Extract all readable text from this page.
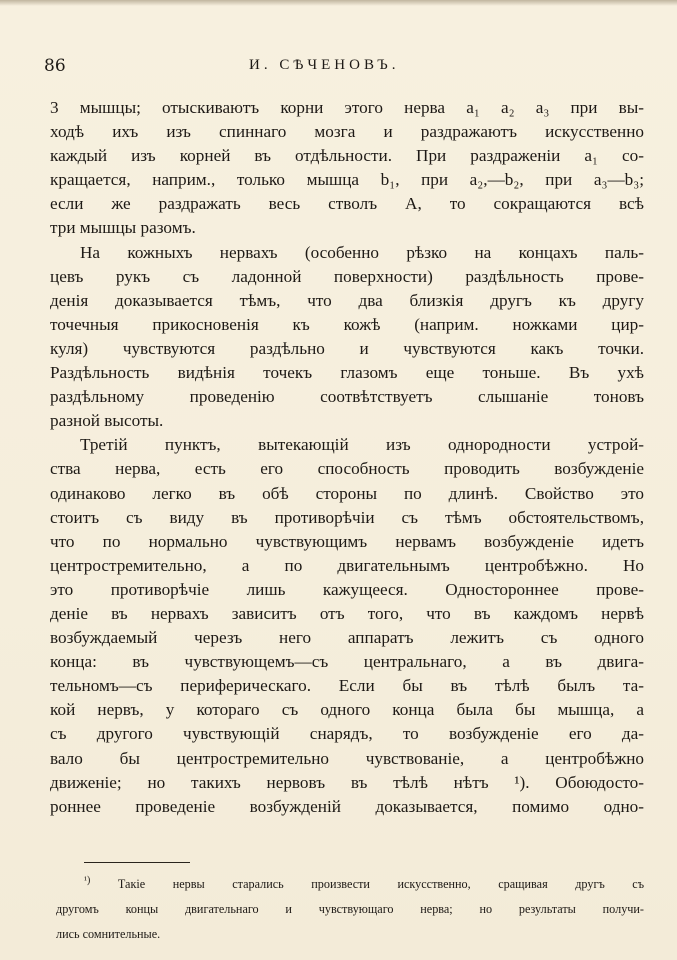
86	И. СѢЧЕНОВЪ.
3 мышцы; отыскиваютъ корни этого нерва a₁ a₂ a₃ при вы-
ходѣ ихъ изъ спиннаго мозга и раздражаютъ искусственно
каждый изъ корней въ отдѣльности. При раздраженіи a₁ со-
кращается, наприм., только мышца b₁, при a₂,—b₂, при a₃—b₃;
если же раздражать весь стволъ A, то сокращаются всѣ
три мышцы разомъ.
На кожныхъ нервахъ (особенно рѣзко на концахъ паль-
цевъ рукъ съ ладонной поверхности) раздѣльность прове-
денія доказывается тѣмъ, что два близкія другъ къ другу
точечныя прикосновенія къ кожѣ (наприм. ножками цир-
куля) чувствуются раздѣльно и чувствуются какъ точки.
Раздѣльность видѣнія точекъ глазомъ еще тоньше. Въ ухѣ
раздѣльному проведенію соотвѣтствуетъ слышаніе тоновъ
разной высоты.
Третій пунктъ, вытекающій изъ однородности устрой-
ства нерва, есть его способность проводить возбужденіе
одинаково легко въ обѣ стороны по длинѣ. Свойство это
стоитъ съ виду въ противорѣчіи съ тѣмъ обстоятельствомъ,
что по нормально чувствующимъ нервамъ возбужденіе идетъ
центростремительно, а по двигательнымъ центробѣжно. Но
это противорѣчіе лишь кажущееся. Одностороннее прове-
деніе въ нервахъ зависитъ отъ того, что въ каждомъ нервѣ
возбуждаемый черезъ него аппаратъ лежитъ съ одного
конца: въ чувствующемъ—съ центральнаго, а въ двига-
тельномъ—съ периферическаго. Если бы въ тѣлѣ былъ та-
кой нервъ, у котораго съ одного конца была бы мышца, а
съ другого чувствующій снарядъ, то возбужденіе его да-
вало бы центростремительно чувствованіе, а центробѣжно
движеніе; но такихъ нервовъ въ тѣлѣ нѣтъ ¹). Обоюдосто-
роннее проведеніе возбужденій доказывается, помимо одно-
$^{^1)}$ Такіе нервы старались произвести искусственно, сращивая другъ съ
другомъ концы двигательнаго и чувствующаго нерва; но результаты получи-
лись сомнительные.
